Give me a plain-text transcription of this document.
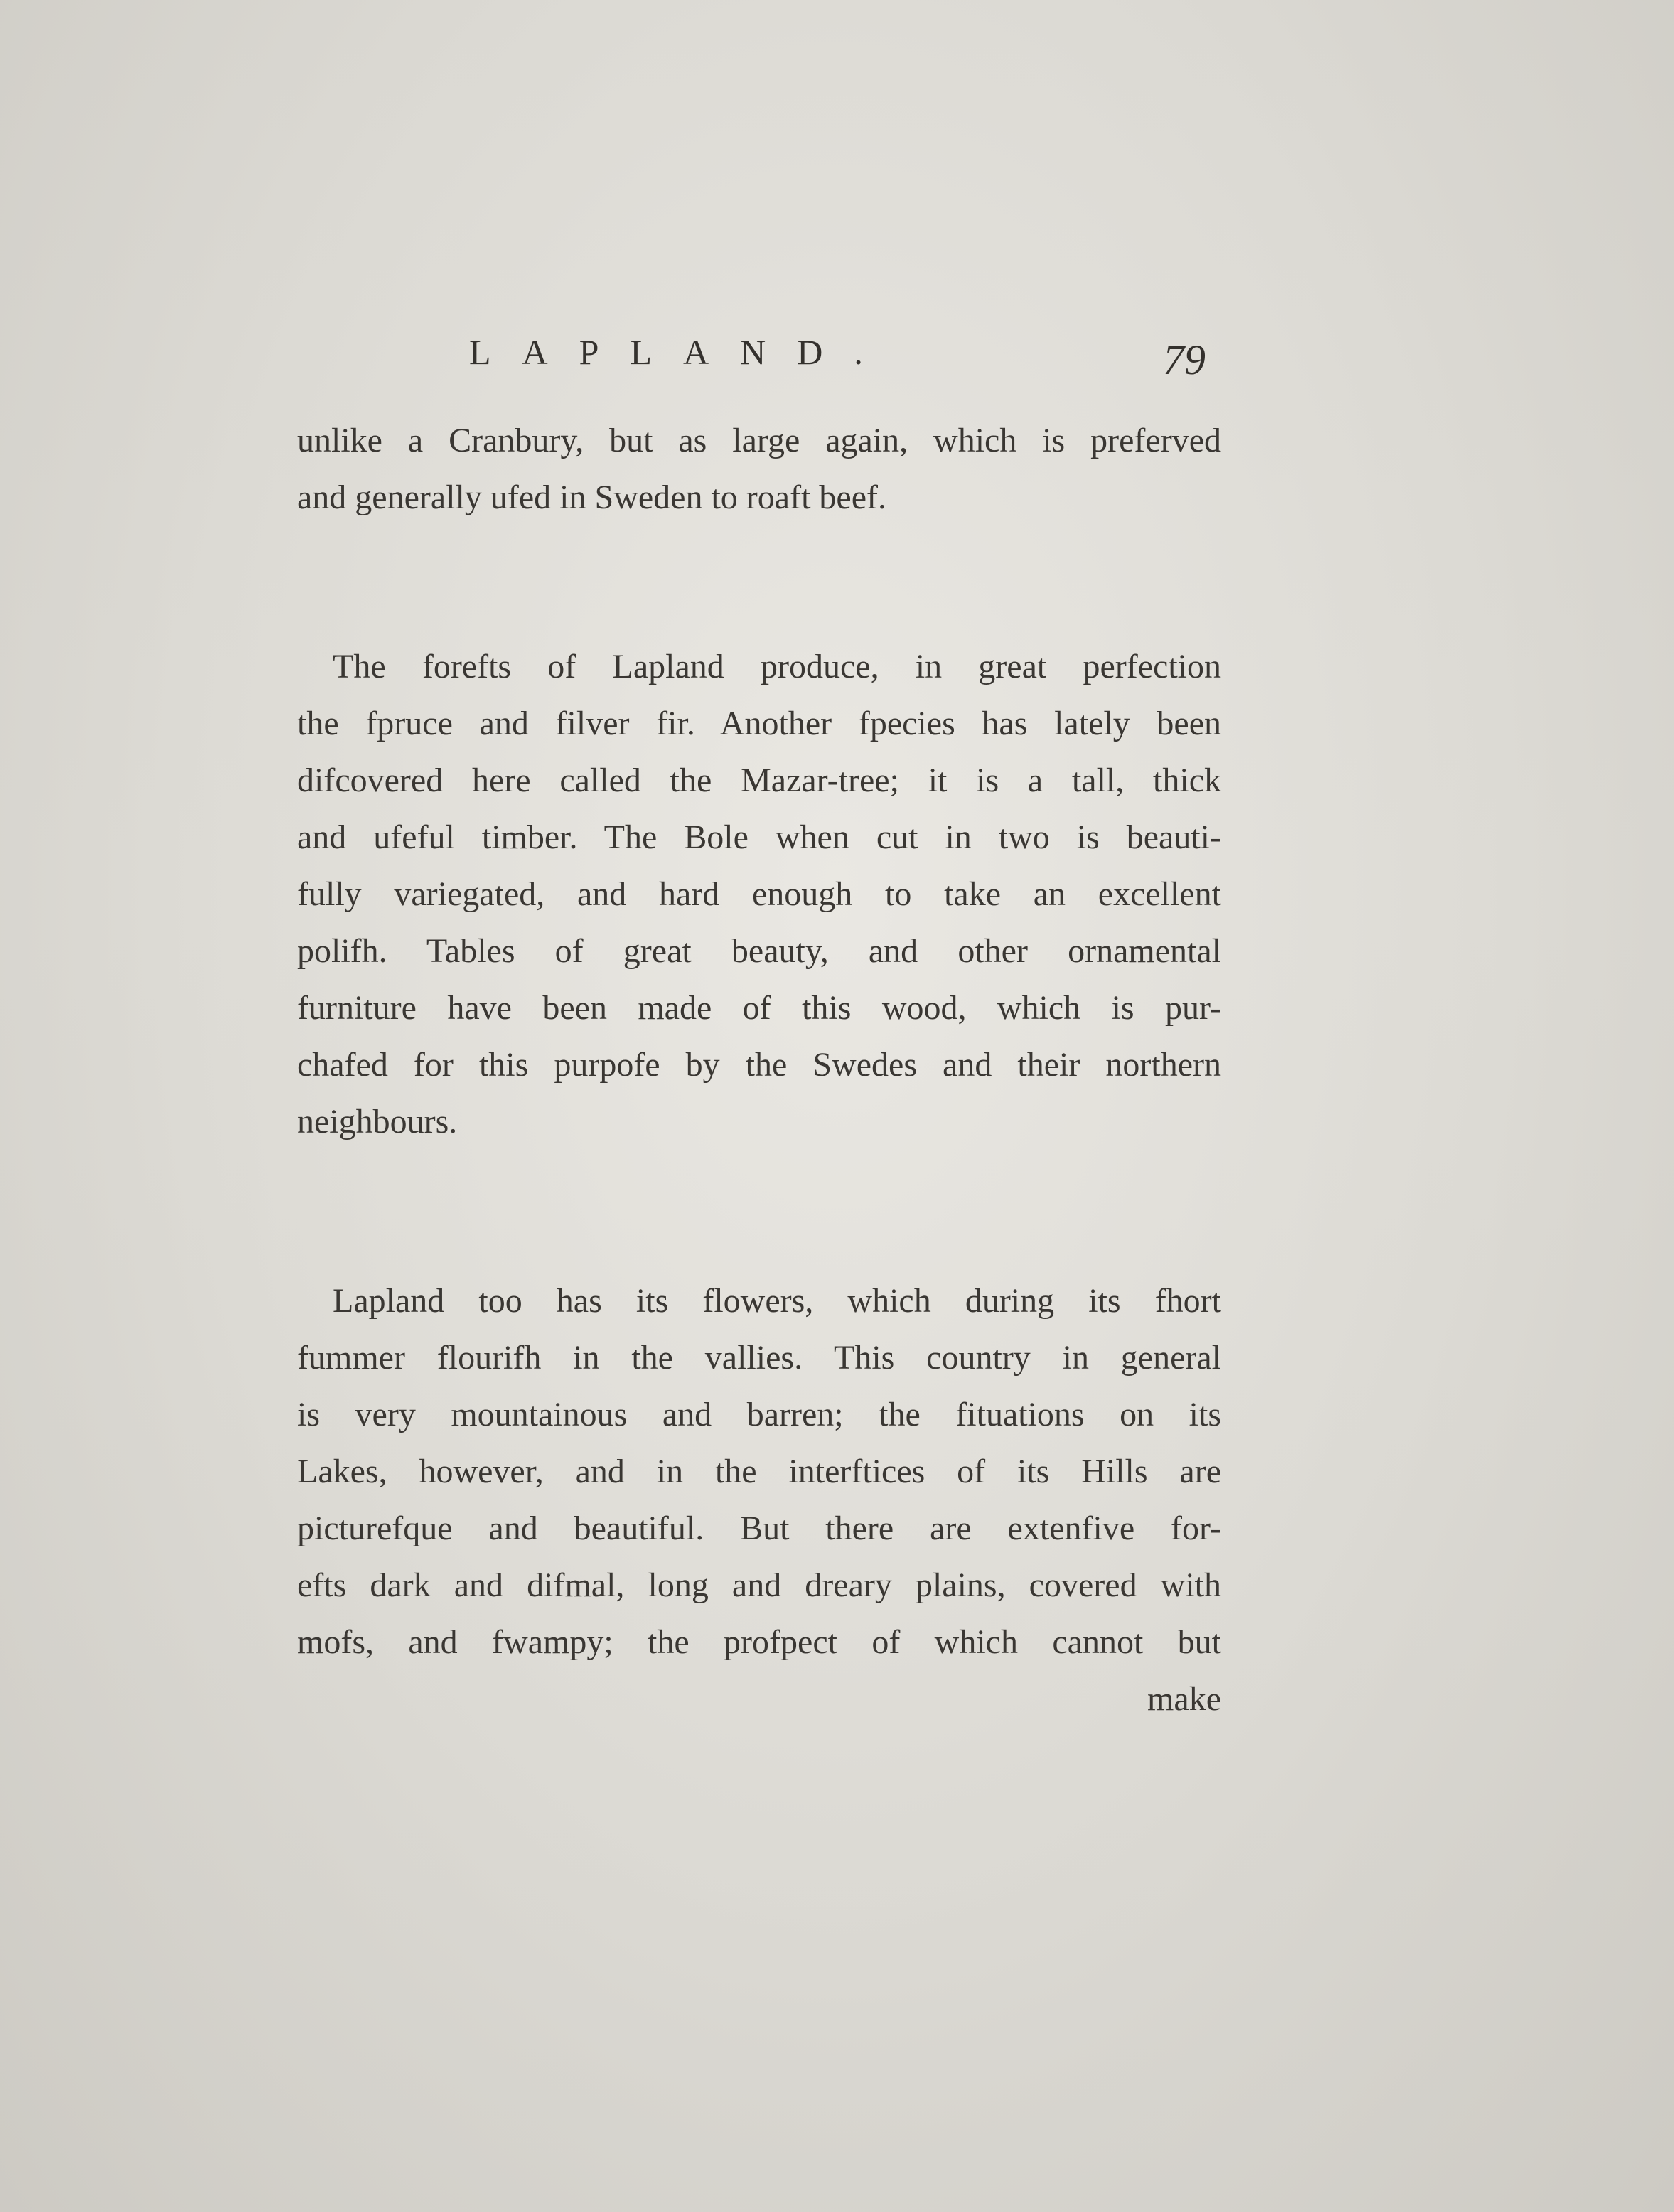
LAPLAND.	79
unlike a Cranbury, but as large again, which is preferved
and generally ufed in Sweden to roaft beef.
The forefts of Lapland produce, in great perfection
the fpruce and filver fir. Another fpecies has lately been
difcovered here called the Mazar-tree; it is a tall, thick
and ufeful timber. The Bole when cut in two is beauti-
fully variegated, and hard enough to take an excellent
polifh. Tables of great beauty, and other ornamental
furniture have been made of this wood, which is pur-
chafed for this purpofe by the Swedes and their northern
neighbours.
Lapland too has its flowers, which during its fhort
fummer flourifh in the vallies. This country in general
is very mountainous and barren; the fituations on its
Lakes, however, and in the interftices of its Hills are
picturefque and beautiful. But there are extenfive for-
efts dark and difmal, long and dreary plains, covered with
mofs, and fwampy; the profpect of which cannot but
make
